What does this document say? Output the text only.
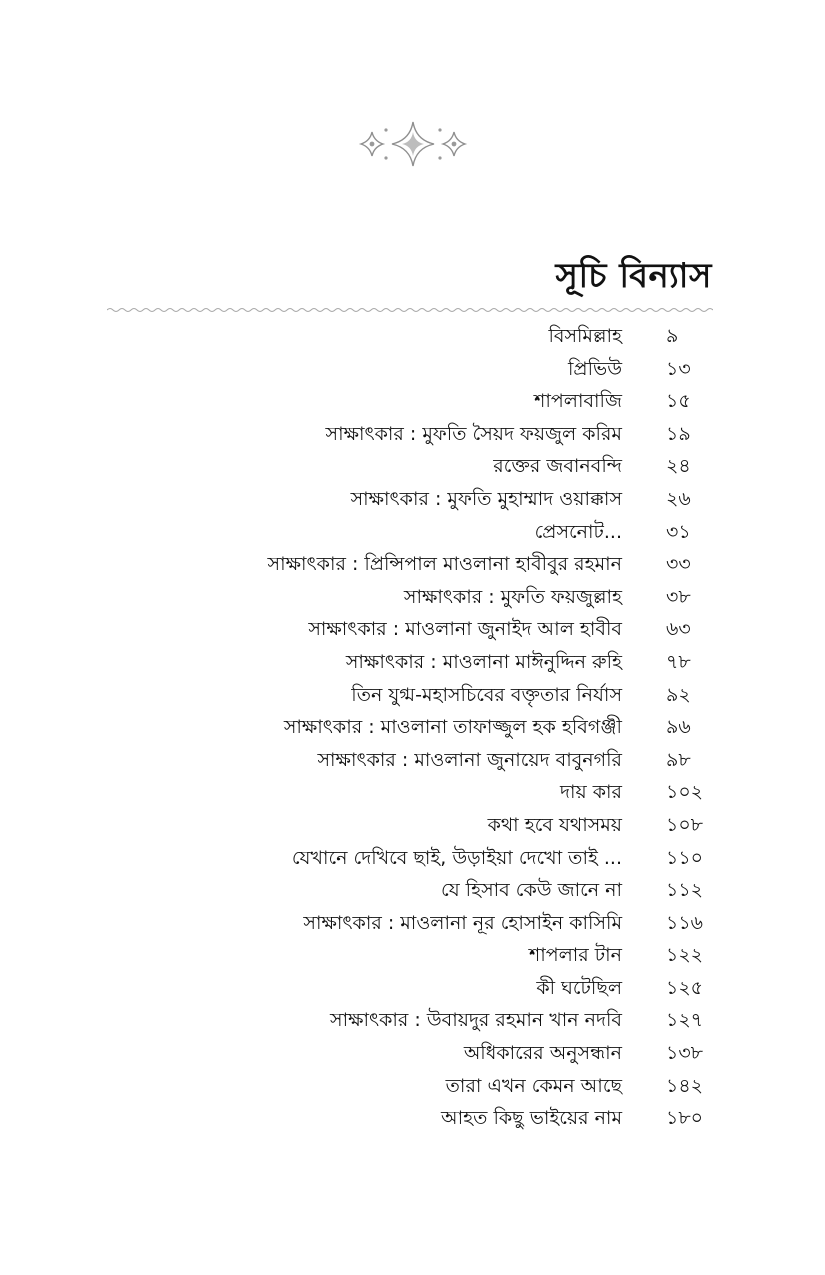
সূচি বিন্যাস
বিসমিল্লাহ ৯
প্রিভিউ ১৩
শাপলাবাজি ১৫
সাক্ষাৎকার : মুফতি সৈয়দ ফয়জুল করিম ১৯
রক্তের জবানবন্দি ২৪
সাক্ষাৎকার : মুফতি মুহাম্মাদ ওয়াক্কাস ২৬
প্রেসনোট... ৩১
সাক্ষাৎকার : প্রিন্সিপাল মাওলানা হাবীবুর রহমান ৩৩
সাক্ষাৎকার : মুফতি ফয়জুল্লাহ ৩৮
সাক্ষাৎকার : মাওলানা জুনাইদ আল হাবীব ৬৩
সাক্ষাৎকার : মাওলানা মাঈনুদ্দিন রুহি ৭৮
তিন যুগ্ম-মহাসচিবের বক্তৃতার নির্যাস ৯২
সাক্ষাৎকার : মাওলানা তাফাজ্জুল হক হবিগঞ্জী ৯৬
সাক্ষাৎকার : মাওলানা জুনায়েদ বাবুনগরি ৯৮
দায় কার ১০২
কথা হবে যথাসময় ১০৮
যেখানে দেখিবে ছাই, উড়াইয়া দেখো তাই ... ১১০
যে হিসাব কেউ জানে না ১১২
সাক্ষাৎকার : মাওলানা নূর হোসাইন কাসিমি ১১৬
শাপলার টান ১২২
কী ঘটেছিল ১২৫
সাক্ষাৎকার : উবায়দুর রহমান খান নদবি ১২৭
অধিকারের অনুসন্ধান ১৩৮
তারা এখন কেমন আছে ১৪২
আহত কিছু ভাইয়ের নাম ১৮০
